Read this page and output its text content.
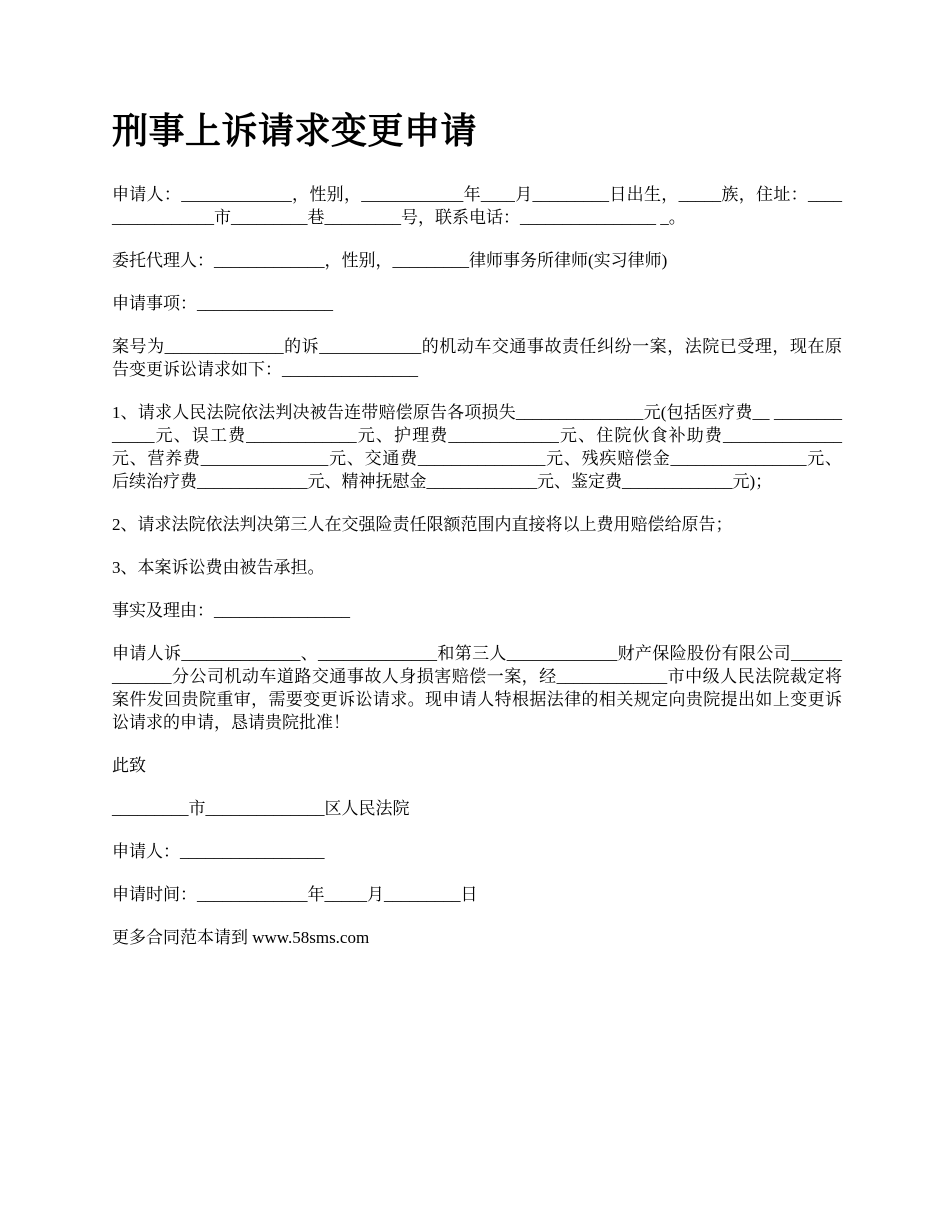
刑事上诉请求变更申请

申请人：_____________，性别，____________年____月_________日出生，_____族，住址：________________市_________巷_________号，联系电话：________________ _。

委托代理人：_____________，性别，_________律师事务所律师(实习律师)

申请事项：________________

案号为______________的诉____________的机动车交通事故责任纠纷一案，法院已受理，现在原告变更诉讼请求如下：________________

1、请求人民法院依法判决被告连带赔偿原告各项损失_______________元(包括医疗费__ _____________元、误工费_____________元、护理费_____________元、住院伙食补助费______________元、营养费_______________元、交通费_______________元、残疾赔偿金________________元、后续治疗费_____________元、精神抚慰金_____________元、鉴定费_____________元)；

2、请求法院依法判决第三人在交强险责任限额范围内直接将以上费用赔偿给原告；

3、本案诉讼费由被告承担。

事实及理由：________________

申请人诉______________、______________和第三人_____________财产保险股份有限公司_____________分公司机动车道路交通事故人身损害赔偿一案，经_____________市中级人民法院裁定将案件发回贵院重审，需要变更诉讼请求。现申请人特根据法律的相关规定向贵院提出如上变更诉讼请求的申请，恳请贵院批准！

此致

_________市______________区人民法院

申请人：_________________

申请时间：_____________年_____月_________日

更多合同范本请到 www.58sms.com
